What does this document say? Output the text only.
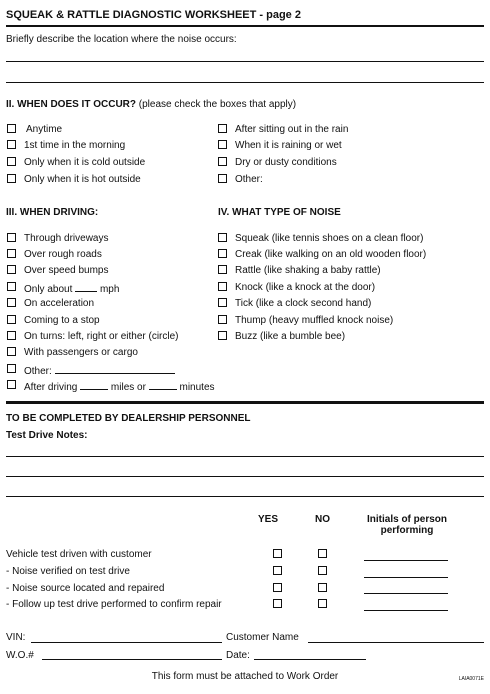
SQUEAK & RATTLE DIAGNOSTIC WORKSHEET - page 2
Briefly describe the location where the noise occurs:
II. WHEN DOES IT OCCUR? (please check the boxes that apply)
Anytime
1st time in the morning
Only when it is cold outside
Only when it is hot outside
After sitting out in the rain
When it is raining or wet
Dry or dusty conditions
Other:
III. WHEN DRIVING:	IV. WHAT TYPE OF NOISE
Through driveways
Over rough roads
Over speed bumps
Only about	mph
On acceleration
Coming to a stop
On turns: left, right or either (circle)
With passengers or cargo
Other:
After driving	miles or	minutes
Squeak (like tennis shoes on a clean floor)
Creak (like walking on an old wooden floor)
Rattle (like shaking a baby rattle)
Knock (like a knock at the door)
Tick (like a clock second hand)
Thump (heavy muffled knock noise)
Buzz (like a bumble bee)
TO BE COMPLETED BY DEALERSHIP PERSONNEL
Test Drive Notes:
YES	NO	Initials of person
performing
Vehicle test driven with customer
- Noise verified on test drive
- Noise source located and repaired
- Follow up test drive performed to confirm repair
VIN:	Customer Name
W.O.#	Date:
This form must be attached to Work Order	LAIA0071E
